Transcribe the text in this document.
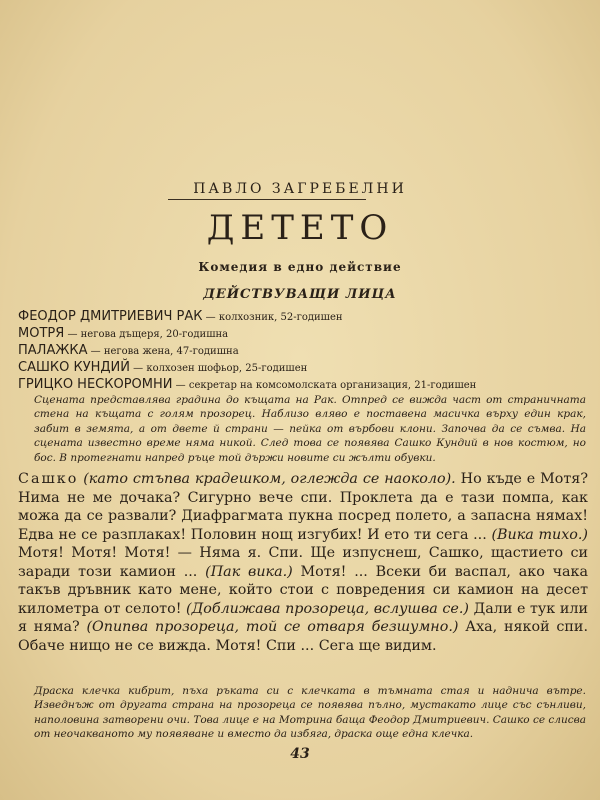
ПАВЛО ЗАГРЕБЕЛНИ
ДЕТЕТО
Комедия в едно действие
ДЕЙСТВУВАЩИ ЛИЦА
ФЕОДОР ДМИТРИЕВИЧ РАК — колхозник, 52-годишен
МОТРЯ — негова дъщеря, 20-годишна
ПАЛАЖКА — негова жена, 47-годишна
САШКО КУНДИЙ — колхозен шофьор, 25-годишен
ГРИЦКО НЕСКОРОМНИ — секретар на комсомолската организация, 21-годишен
Сцената представлява градина до къщата на Рак. Отпред се вижда част от страничната стена на къщата с голям прозорец. Наблизо влявo е поставена масичка върху един крак, забит в земята, а от двете й страни — пейка от върбови клони. Започва да се съмва. На сцената известно време няма никой. След това се появява Сашко Кундий в нов костюм, но бос. В протегнати напред ръце той държи новите си жълти обувки.
Сашко (като стъпва крадешком, оглежда се наоколо). Но къде е Мотя? Нима не ме дочака? Сигурно вече спи. Проклета да е тази помпа, как можа да се развали? Диафрагмата пукна посред полето, а запасна нямах! Едва не се разплаках! Половин нощ изгубих! И ето ти сега ... (Вика тихо.) Мотя! Мотя! Мотя! — Няма я. Спи. Ще изпуснеш, Сашко, щастието си заради този камион ... (Пак вика.) Мотя! ... Всеки би васпал, ако чака такъв дръвник като мене, който стои с повредения си камион на десет километра от селото! (Доближава прозореца, вслушва се.) Дали е тук или я няма? (Опипва прозореца, той се отваря безшумно.) Аха, някой спи. Обаче нищо не се вижда. Мотя! Спи ... Сега ще видим.
Драска клечка кибрит, пъха ръката си с клечката в тъмната стая и надничa вътре. Изведнъж от другата страна на прозореца се появява пълно, мустакато лице със сънливи, наполовина затворени очи. Това лице е на Мотрина баща Феодор Дмитриевич. Сашко се слисва от неочакваното му появяване и вместо да избяга, драска още една клечка.
43
